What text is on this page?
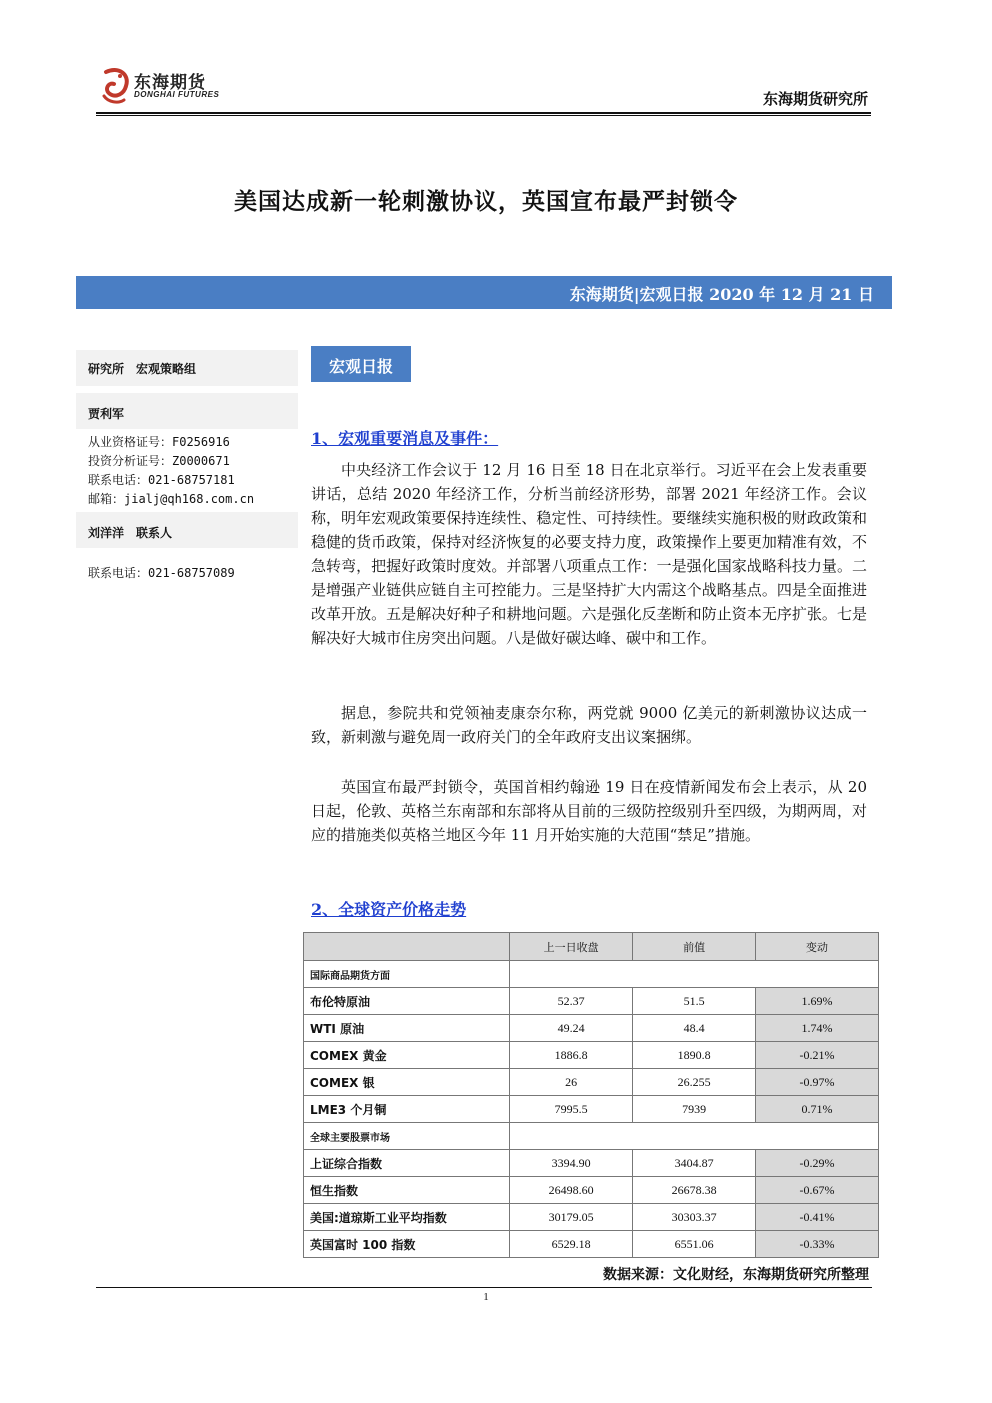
东海期货
DONGHAI FUTURES	东海期货研究所
美国达成新一轮刺激协议，英国宣布最严封锁令
东海期货|宏观日报 2020 年 12 月 21 日
研究所　宏观策略组
贾利军
从业资格证号：F0256916
投资分析证号：Z0000671
联系电话：021-68757181
邮箱：jialj@qh168.com.cn
刘洋洋　联系人
联系电话：021-68757089
宏观日报
1、宏观重要消息及事件：

中央经济工作会议于 12 月 16 日至 18 日在北京举行。习近平在会上发表重要讲话，总结 2020 年经济工作，分析当前经济形势，部署 2021 年经济工作。会议称，明年宏观政策要保持连续性、稳定性、可持续性。要继续实施积极的财政政策和稳健的货币政策，保持对经济恢复的必要支持力度，政策操作上要更加精准有效，不急转弯，把握好政策时度效。并部署八项重点工作：一是强化国家战略科技力量。二是增强产业链供应链自主可控能力。三是坚持扩大内需这个战略基点。四是全面推进改革开放。五是解决好种子和耕地问题。六是强化反垄断和防止资本无序扩张。七是解决好大城市住房突出问题。八是做好碳达峰、碳中和工作。

据息，参院共和党领袖麦康奈尔称，两党就 9000 亿美元的新刺激协议达成一致，新刺激与避免周一政府关门的全年政府支出议案捆绑。

英国宣布最严封锁令，英国首相约翰逊 19 日在疫情新闻发布会上表示，从 20 日起，伦敦、英格兰东南部和东部将从目前的三级防控级别升至四级，为期两周，对应的措施类似英格兰地区今年 11 月开始实施的大范围“禁足”措施。

2、全球资产价格走势
	上一日收盘	前值	变动
国际商品期货方面			
布伦特原油	52.37	51.5	1.69%
WTI 原油	49.24	48.4	1.74%
COMEX 黄金	1886.8	1890.8	-0.21%
COMEX 银	26	26.255	-0.97%
LME3 个月铜	7995.5	7939	0.71%
全球主要股票市场			
上证综合指数	3394.90	3404.87	-0.29%
恒生指数	26498.60	26678.38	-0.67%
美国:道琼斯工业平均指数	30179.05	30303.37	-0.41%
英国富时 100 指数	6529.18	6551.06	-0.33%
数据来源：文化财经，东海期货研究所整理
1
